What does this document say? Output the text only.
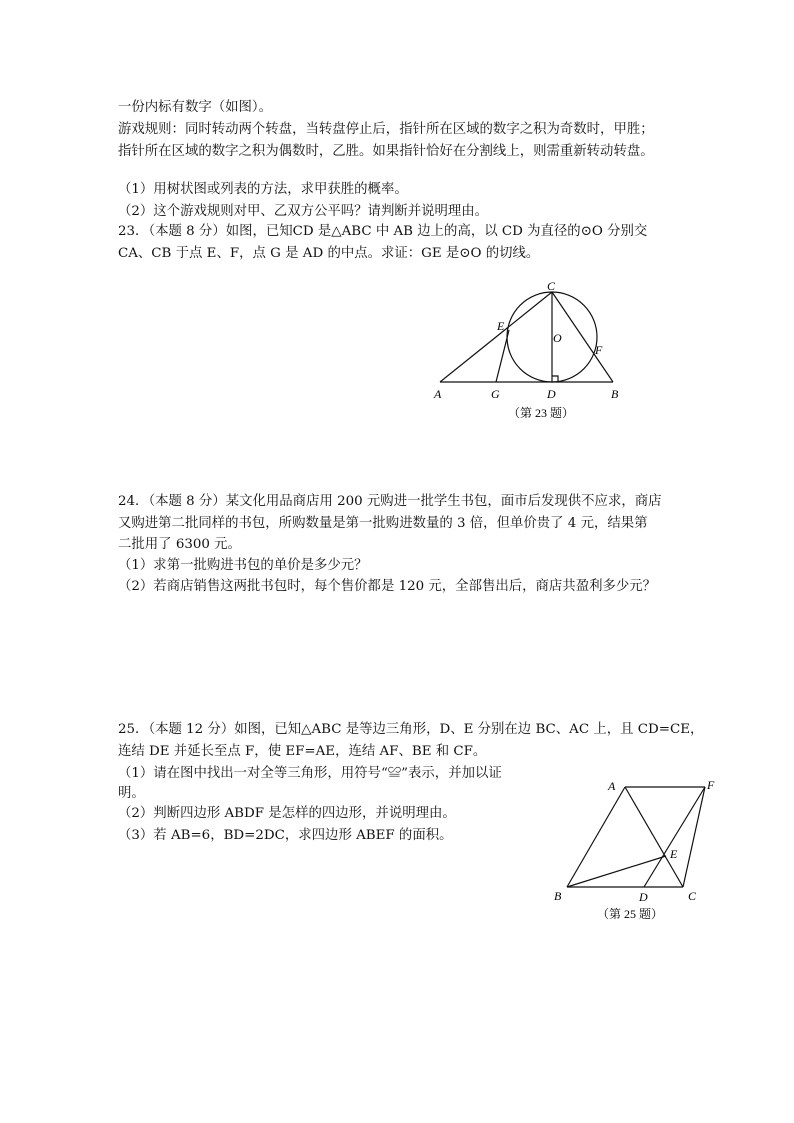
一份内标有数字（如图）。
游戏规则：同时转动两个转盘，当转盘停止后，指针所在区域的数字之积为奇数时，甲胜；
指针所在区域的数字之积为偶数时，乙胜。如果指针恰好在分割线上，则需重新转动转盘。
（1）用树状图或列表的方法，求甲获胜的概率。
（2）这个游戏规则对甲、乙双方公平吗？请判断并说明理由。
23．（本题 8 分）如图，已知CD 是△ABC 中 AB 边上的高，以 CD 为直径的⊙O 分别交
CA、CB 于点 E、F，点 G 是 AD 的中点。求证：GE 是⊙O 的切线。
C
E
O
F
A	G	D	B
（第 23 题）
24．（本题 8 分）某文化用品商店用 200 元购进一批学生书包，面市后发现供不应求，商店
又购进第二批同样的书包，所购数量是第一批购进数量的 3 倍，但单价贵了 4 元，结果第
二批用了 6300 元。
（1）求第一批购进书包的单价是多少元？
（2）若商店销售这两批书包时，每个售价都是 120 元，全部售出后，商店共盈利多少元？
25．（本题 12 分）如图，已知△ABC 是等边三角形，D、E 分别在边 BC、AC 上，且 CD=CE，
连结 DE 并延长至点 F，使 EF=AE，连结 AF、BE 和 CF。
（1）请在图中找出一对全等三角形，用符号“≌”表示，并加以证
明。
（2）判断四边形 ABDF 是怎样的四边形，并说明理由。
（3）若 AB=6，BD=2DC，求四边形 ABEF 的面积。
A	F
E
B	D	C
（第 25 题）
